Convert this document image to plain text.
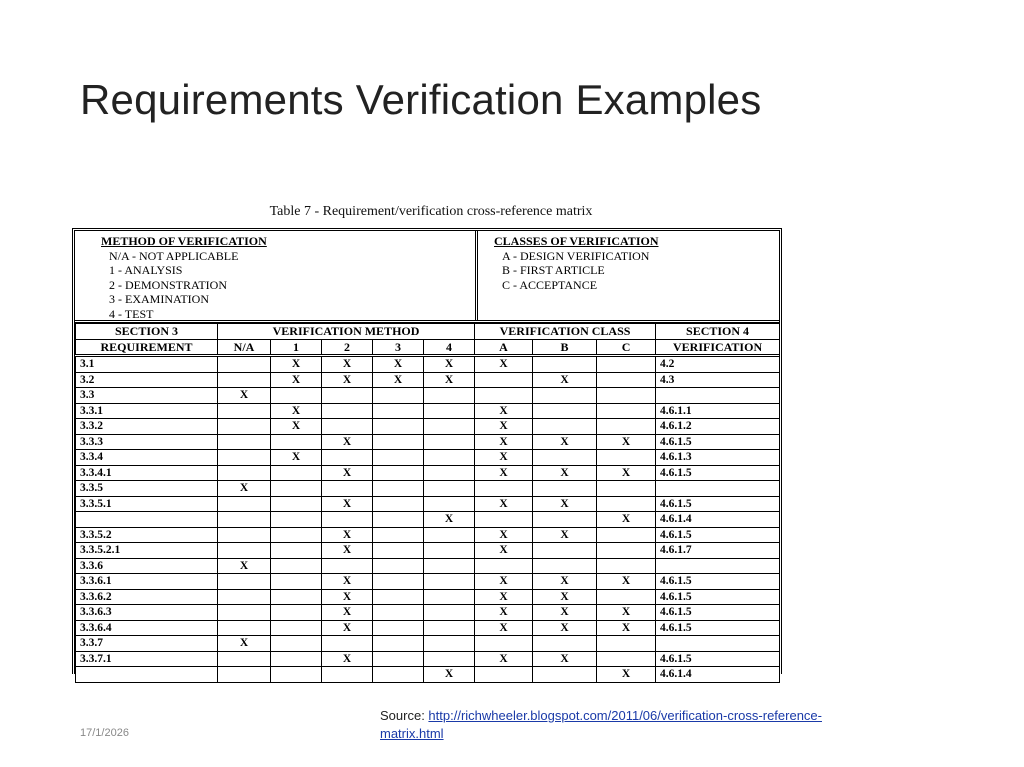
Requirements Verification Examples
Table 7 - Requirement/verification cross-reference matrix
METHOD OF VERIFICATION
N/A - NOT APPLICABLE
1 - ANALYSIS
2 - DEMONSTRATION
3 - EXAMINATION
4 - TEST
CLASSES OF VERIFICATION
A - DESIGN VERIFICATION
B - FIRST ARTICLE
C - ACCEPTANCE
SECTION 3	VERIFICATION METHOD					VERIFICATION CLASS			SECTION 4
REQUIREMENT	N/A	1	2	3	4	A	B	C	VERIFICATION
3.1		X	X	X	X	X			4.2
3.2		X	X	X	X		X		4.3
3.3	X								
3.3.1		X				X			4.6.1.1
3.3.2		X				X			4.6.1.2
3.3.3			X			X	X	X	4.6.1.5
3.3.4		X				X			4.6.1.3
3.3.4.1			X			X	X	X	4.6.1.5
3.3.5	X								
3.3.5.1			X			X	X		4.6.1.5
					X			X	4.6.1.4
3.3.5.2			X			X	X		4.6.1.5
3.3.5.2.1			X			X			4.6.1.7
3.3.6	X								
3.3.6.1			X			X	X	X	4.6.1.5
3.3.6.2			X			X	X		4.6.1.5
3.3.6.3			X			X	X	X	4.6.1.5
3.3.6.4			X			X	X	X	4.6.1.5
3.3.7	X								
3.3.7.1			X			X	X		4.6.1.5
					X			X	4.6.1.4
17/1/2026
Source: http://richwheeler.blogspot.com/2011/06/verification-cross-reference-matrix.html
